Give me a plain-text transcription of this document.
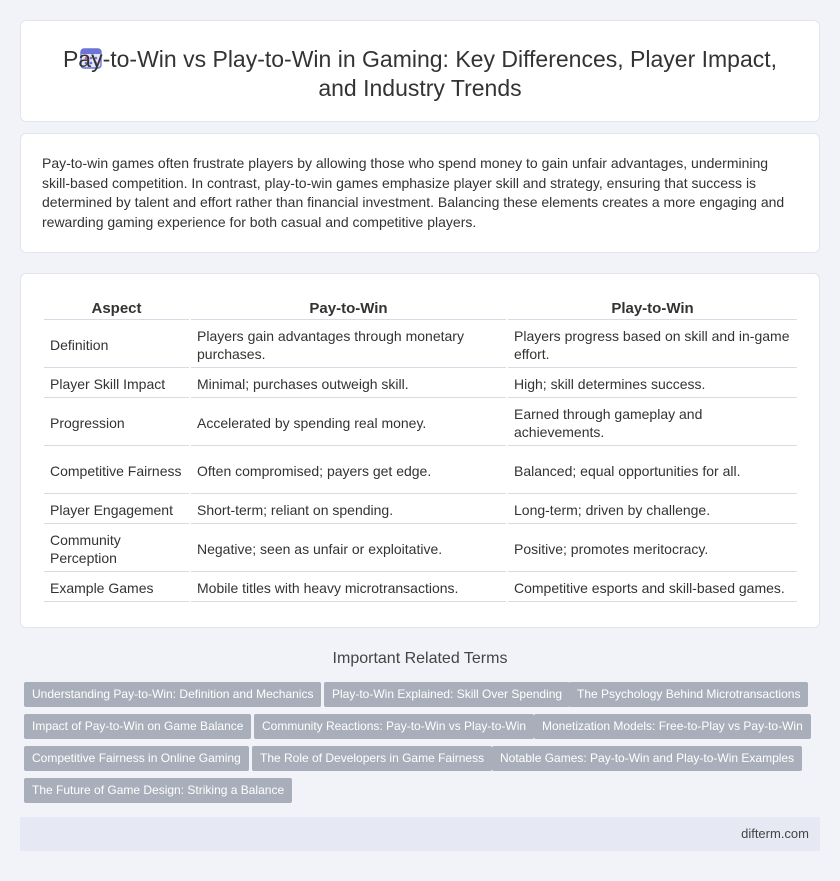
Pay-to-Win vs Play-to-Win in Gaming: Key Differences, Player Impact, and Industry Trends

Pay-to-win games often frustrate players by allowing those who spend money to gain unfair advantages, undermining skill-based competition. In contrast, play-to-win games emphasize player skill and strategy, ensuring that success is determined by talent and effort rather than financial investment. Balancing these elements creates a more engaging and rewarding gaming experience for both casual and competitive players.

Aspect	Pay-to-Win	Play-to-Win
Definition	Players gain advantages through monetary purchases.	Players progress based on skill and in-game effort.
Player Skill Impact	Minimal; purchases outweigh skill.	High; skill determines success.
Progression	Accelerated by spending real money.	Earned through gameplay and achievements.
Competitive Fairness	Often compromised; payers get edge.	Balanced; equal opportunities for all.
Player Engagement	Short-term; reliant on spending.	Long-term; driven by challenge.
Community Perception	Negative; seen as unfair or exploitative.	Positive; promotes meritocracy.
Example Games	Mobile titles with heavy microtransactions.	Competitive esports and skill-based games.
Important Related Terms
Understanding Pay-to-Win: Definition and Mechanics	Play-to-Win Explained: Skill Over Spending	The Psychology Behind Microtransactions
Impact of Pay-to-Win on Game Balance	Community Reactions: Pay-to-Win vs Play-to-Win	Monetization Models: Free-to-Play vs Pay-to-Win
Competitive Fairness in Online Gaming	The Role of Developers in Game Fairness	Notable Games: Pay-to-Win and Play-to-Win Examples
The Future of Game Design: Striking a Balance
difterm.com
